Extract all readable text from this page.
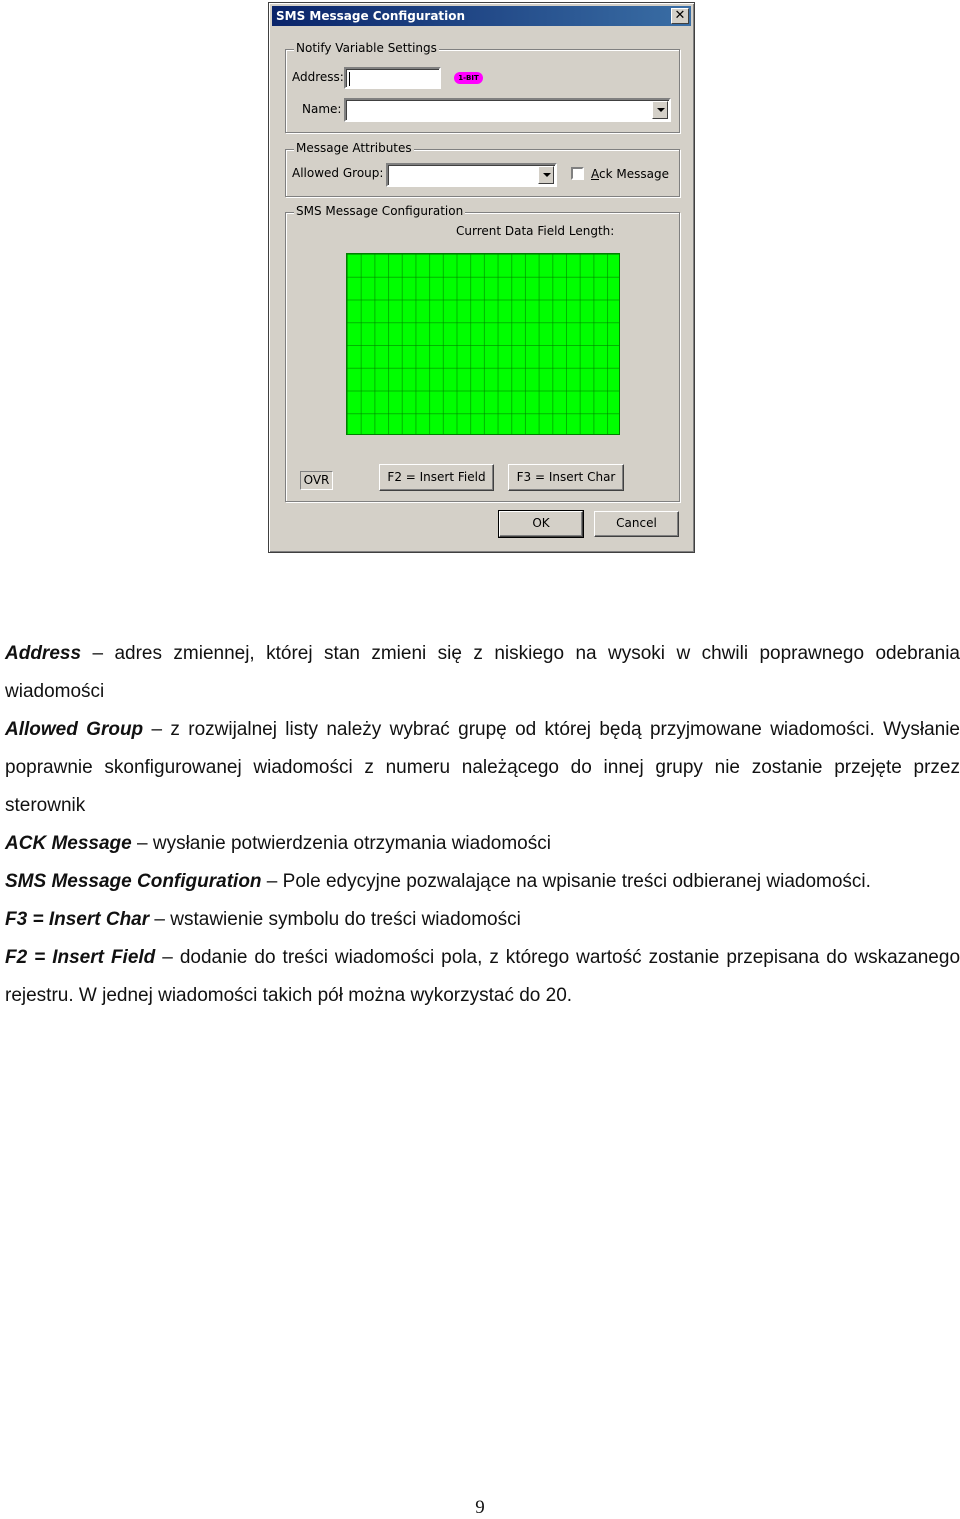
SMS Message Configuration	✕
Notify Variable Settings
Address:	1-BIT
Name:
Message Attributes
Allowed Group:	Ack Message
SMS Message Configuration
Current Data Field Length:
OVR	F2 = Insert Field	F3 = Insert Char
OK	Cancel

Address – adres zmiennej, której stan zmieni się z niskiego na wysoki w chwili poprawnego odebrania wiadomości

Allowed Group – z rozwijalnej listy należy wybrać grupę od której będą przyjmowane wiadomości. Wysłanie poprawnie skonfigurowanej wiadomości z numeru należącego do innej grupy nie zostanie przejęte przez sterownik

ACK Message – wysłanie potwierdzenia otrzymania wiadomości

SMS Message Configuration – Pole edycyjne pozwalające na wpisanie treści odbieranej wiadomości.

F3 = Insert Char – wstawienie symbolu do treści wiadomości

F2 = Insert Field – dodanie do treści wiadomości pola, z którego wartość zostanie przepisana do wskazanego rejestru. W jednej wiadomości takich pół można wykorzystać do 20.

9
